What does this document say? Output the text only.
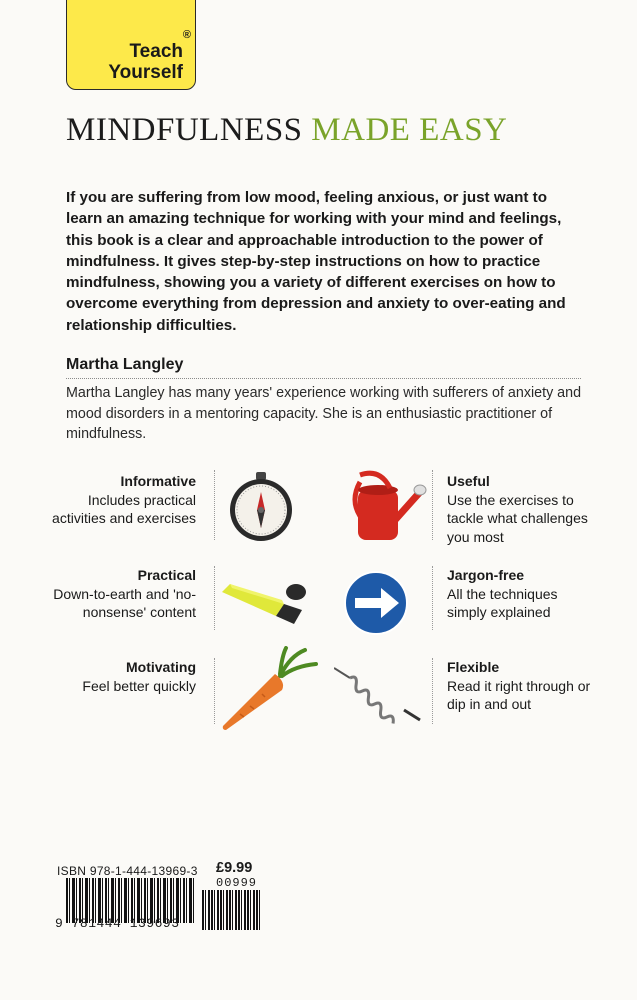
®
Teach
Yourself
MINDFULNESS MADE EASY
If you are suffering from low mood, feeling anxious, or just want to learn an amazing technique for working with your mind and feelings, this book is a clear and approachable introduction to the power of mindfulness. It gives step-by-step instructions on how to practice mindfulness, showing you a variety of different exercises on how to overcome everything from depression and anxiety to over-eating and relationship difficulties.
Martha Langley
Martha Langley has many years' experience working with sufferers of anxiety and mood disorders in a mentoring capacity. She is an enthusiastic practitioner of mindfulness.
Informative
Includes practical activities and exercises
Practical
Down-to-earth and 'no-nonsense' content
Motivating
Feel better quickly
Useful
Use the exercises to tackle what challenges you most
Jargon-free
All the techniques simply explained
Flexible
Read it right through or dip in and out
ISBN 978-1-444-13969-3 £9.99
00999
9 781444 139693
